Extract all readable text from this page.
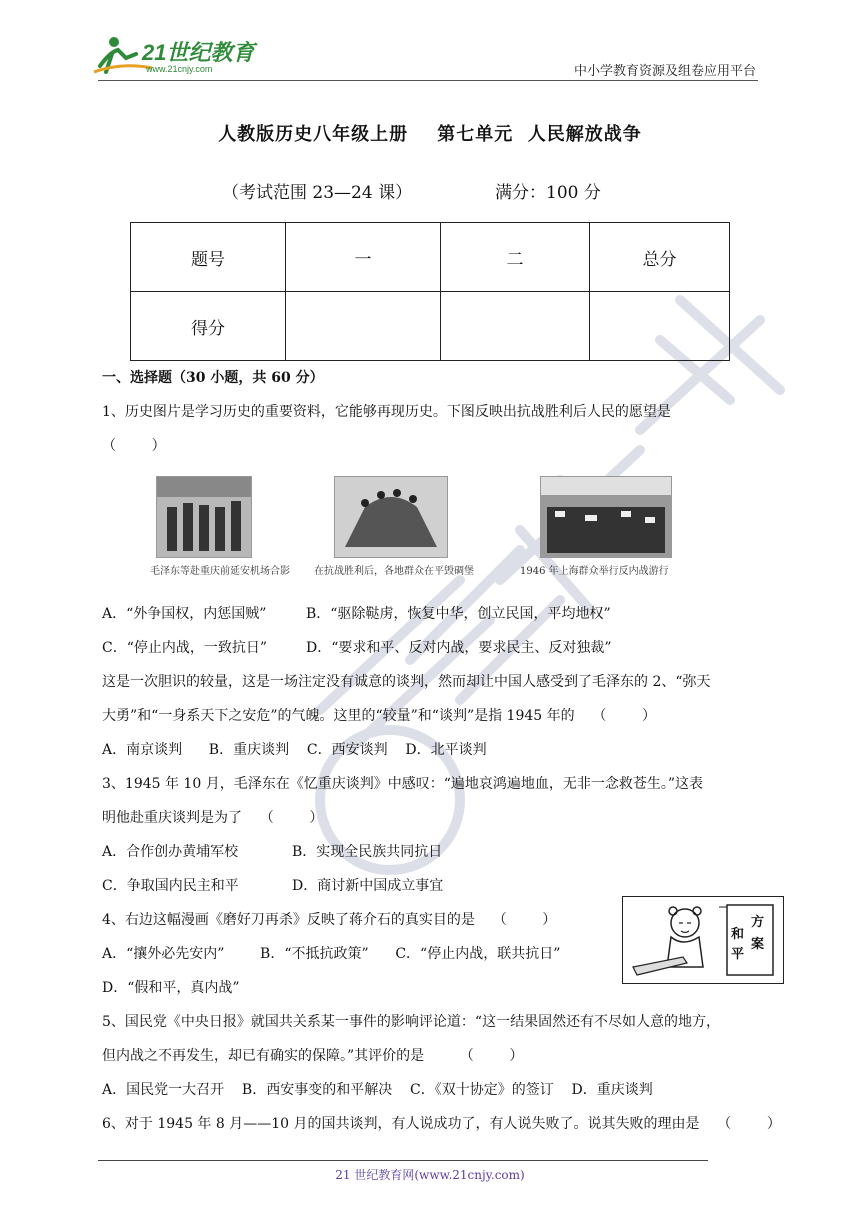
21世纪教育
www.21cnjy.com	中小学教育资源及组卷应用平台
人教版历史八年级上册    第七单元  人民解放战争
（考试范围 23—24 课）	满分：100 分
题号	一	二	总分
得分			
一、选择题（30 小题，共 60 分）
1、历史图片是学习历史的重要资料，它能够再现历史。下图反映出抗战胜利后人民的愿望是
（        ）
毛泽东等赴重庆前延安机场合影 在抗战胜利后，各地群众在平毁碉堡	1946 年上海群众举行反内战游行
A．“外争国权，内惩国贼”	B．“驱除鞑虏，恢复中华，创立民国，平均地权”
C．“停止内战，一致抗日”	D．“要求和平、反对内战，要求民主、反对独裁”
这是一次胆识的较量，这是一场注定没有诚意的谈判，然而却让中国人感受到了毛泽东的 2、“弥天
大勇”和“一身系天下之安危”的气魄。这里的“较量”和“谈判”是指 1945 年的    （        ）
A．南京谈判      B．重庆谈判    C．西安谈判    D．北平谈判
3、1945 年 10 月，毛泽东在《忆重庆谈判》中感叹：“遍地哀鸿遍地血，无非一念救苍生。”这表
明他赴重庆谈判是为了    （        ）
A．合作创办黄埔军校	B．实现全民族共同抗日
C．争取国内民主和平	D．商讨新中国成立事宜
4、右边这幅漫画《磨好刀再杀》反映了蒋介石的真实目的是    （        ）
A．“攘外必先安内”        B．“不抵抗政策”      C．“停止内战，联共抗日”
D．“假和平，真内战”
和
平
方
案
5、国民党《中央日报》就国共关系某一事件的影响评论道：“这一结果固然还有不尽如人意的地方，
但内战之不再发生，却已有确实的保障。”其评价的是        （        ）
A．国民党一大召开    B．西安事变的和平解决    C．《双十协定》的签订    D．重庆谈判
6、对于 1945 年 8 月——10 月的国共谈判，有人说成功了，有人说失败了。说其失败的理由是    （        ）
21 世纪教育网(www.21cnjy.com)
